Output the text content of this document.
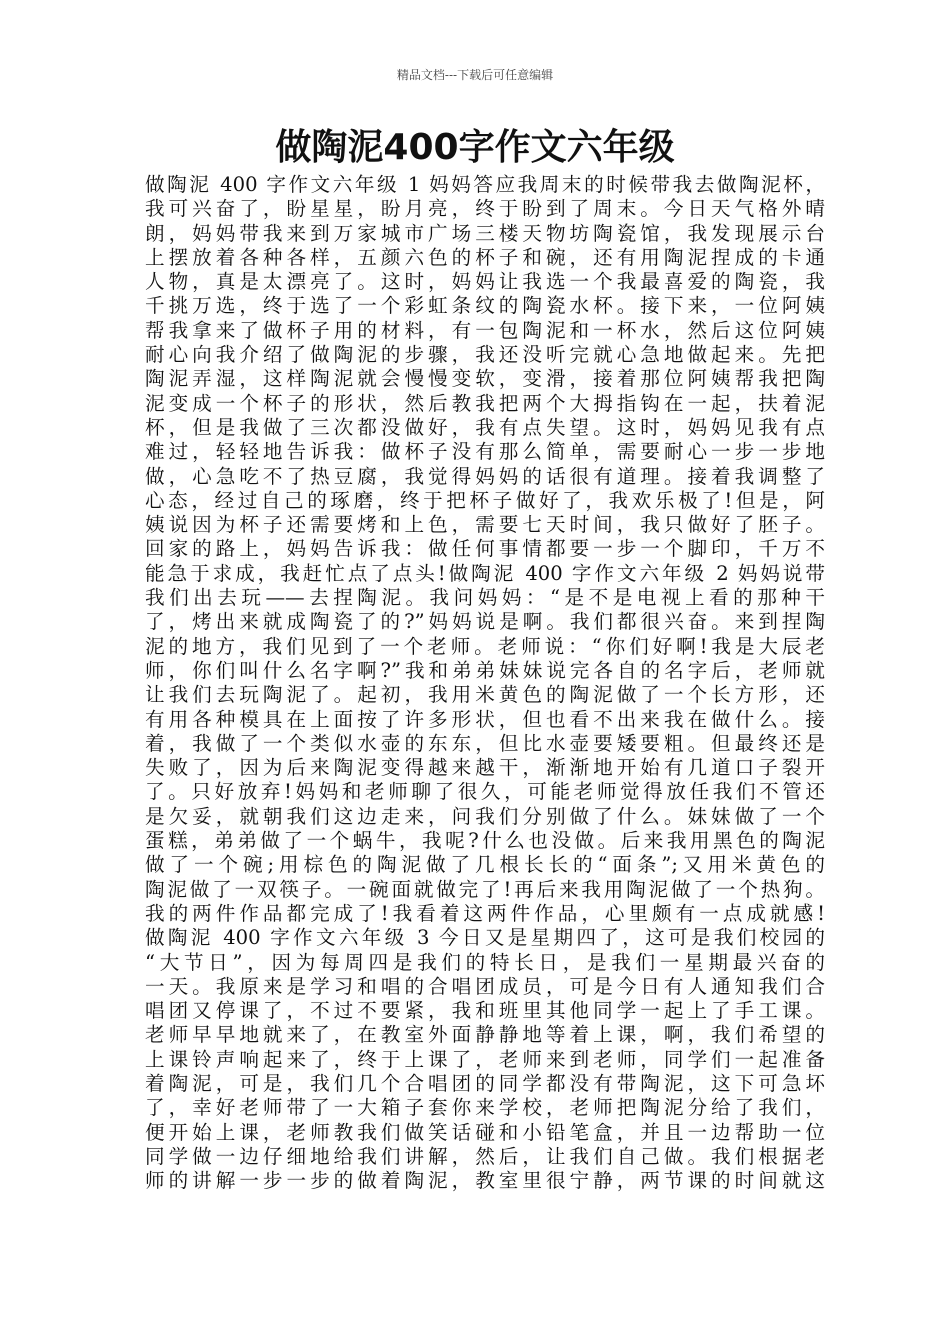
精品文档---下载后可任意编辑
做陶泥400字作文六年级
做陶泥 400 字作文六年级 1 妈妈答应我周末的时候带我去做陶泥杯，
我可兴奋了，盼星星，盼月亮，终于盼到了周末。今日天气格外晴
朗，妈妈带我来到万家城市广场三楼天物坊陶瓷馆，我发现展示台
上摆放着各种各样，五颜六色的杯子和碗，还有用陶泥捏成的卡通
人物，真是太漂亮了。这时，妈妈让我选一个我最喜爱的陶瓷，我
千挑万选，终于选了一个彩虹条纹的陶瓷水杯。接下来，一位阿姨
帮我拿来了做杯子用的材料，有一包陶泥和一杯水，然后这位阿姨
耐心向我介绍了做陶泥的步骤，我还没听完就心急地做起来。先把
陶泥弄湿，这样陶泥就会慢慢变软，变滑，接着那位阿姨帮我把陶
泥变成一个杯子的形状，然后教我把两个大拇指钩在一起，扶着泥
杯，但是我做了三次都没做好，我有点失望。这时，妈妈见我有点
难过，轻轻地告诉我：做杯子没有那么简单，需要耐心一步一步地
做，心急吃不了热豆腐，我觉得妈妈的话很有道理。接着我调整了
心态，经过自己的琢磨，终于把杯子做好了，我欢乐极了!但是，阿
姨说因为杯子还需要烤和上色，需要七天时间，我只做好了胚子。
回家的路上，妈妈告诉我：做任何事情都要一步一个脚印，千万不
能急于求成，我赶忙点了点头!做陶泥 400 字作文六年级 2 妈妈说带
我们出去玩——去捏陶泥。我问妈妈：“是不是电视上看的那种干
了，烤出来就成陶瓷了的?”妈妈说是啊。我们都很兴奋。来到捏陶
泥的地方，我们见到了一个老师。老师说：“你们好啊!我是大辰老
师，你们叫什么名字啊?”我和弟弟妹妹说完各自的名字后，老师就
让我们去玩陶泥了。起初，我用米黄色的陶泥做了一个长方形，还
有用各种模具在上面按了许多形状，但也看不出来我在做什么。接
着，我做了一个类似水壶的东东，但比水壶要矮要粗。但最终还是
失败了，因为后来陶泥变得越来越干，渐渐地开始有几道口子裂开
了。只好放弃!妈妈和老师聊了很久，可能老师觉得放任我们不管还
是欠妥，就朝我们这边走来，问我们分别做了什么。妹妹做了一个
蛋糕，弟弟做了一个蜗牛，我呢?什么也没做。后来我用黑色的陶泥
做了一个碗;用棕色的陶泥做了几根长长的“面条”;又用米黄色的
陶泥做了一双筷子。一碗面就做完了!再后来我用陶泥做了一个热狗。
我的两件作品都完成了!我看着这两件作品，心里颇有一点成就感!
做陶泥 400 字作文六年级 3 今日又是星期四了，这可是我们校园的
“大节日”，因为每周四是我们的特长日，是我们一星期最兴奋的
一天。我原来是学习和唱的合唱团成员，可是今日有人通知我们合
唱团又停课了，不过不要紧，我和班里其他同学一起上了手工课。
老师早早地就来了，在教室外面静静地等着上课，啊，我们希望的
上课铃声响起来了，终于上课了，老师来到老师，同学们一起准备
着陶泥，可是，我们几个合唱团的同学都没有带陶泥，这下可急坏
了，幸好老师带了一大箱子套你来学校，老师把陶泥分给了我们，
便开始上课，老师教我们做笑话碰和小铅笔盒，并且一边帮助一位
同学做一边仔细地给我们讲解，然后，让我们自己做。我们根据老
师的讲解一步一步的做着陶泥，教室里很宁静，两节课的时间就这
